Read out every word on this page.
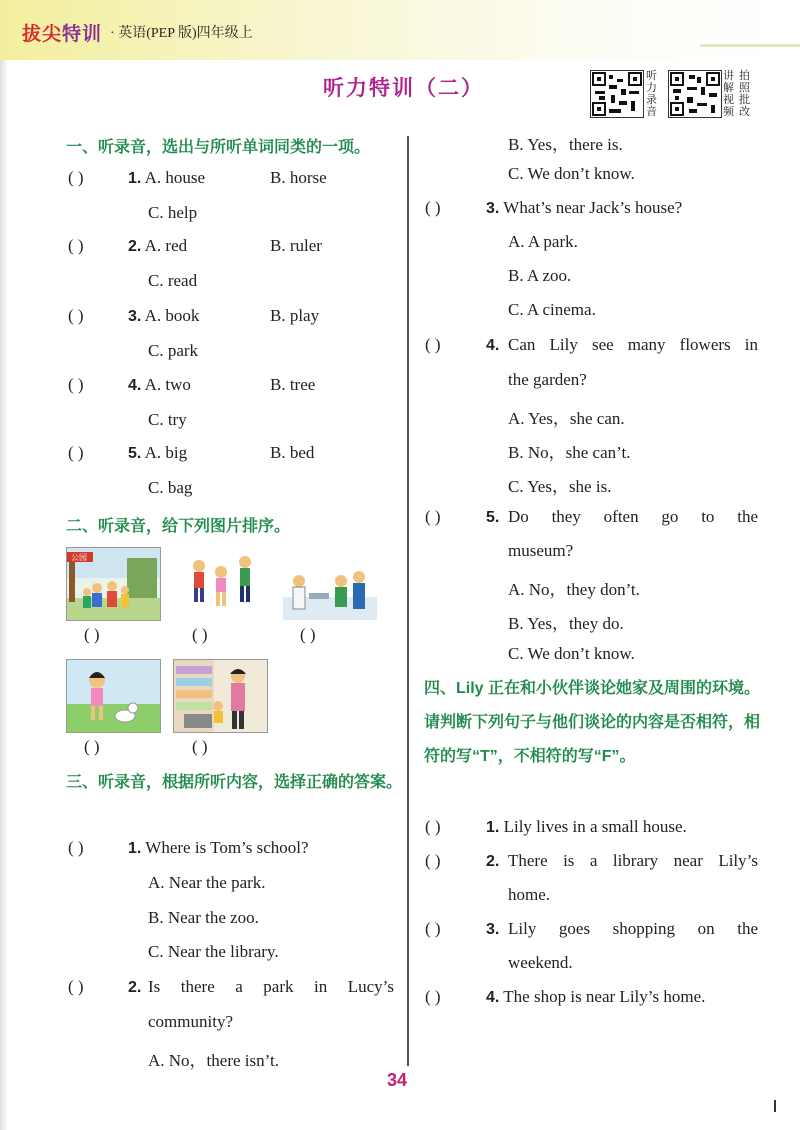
拔尖特训 · 英语(PEP 版)四年级上
听力特训（二）
听
力
录
音
讲
解
视
频
拍
照
批
改
一、听录音，选出与所听单词同类的一项。
( )	1. A. house	B. horse
C. help
( )	2. A. red	B. ruler
C. read
( )	3. A. book	B. play
C. park
( )	4. A. two	B. tree
C. try
( )	5. A. big	B. bed
C. bag
二、听录音，给下列图片排序。
公园
( )	( )	( )
( )	( )
三、听录音，根据所听内容，选择正确的答案。
( )	1. Where is Tom’s school?
A. Near the park.
B. Near the zoo.
C. Near the library.
( )	2. Is there a park in Lucy’s
community?
A. No，there isn’t.
B. Yes，there is.
C. We don’t know.
( )	3. What’s near Jack’s house?
A. A park.
B. A zoo.
C. A cinema.
( )	4. Can Lily see many flowers in
the garden?
A. Yes，she can.
B. No，she can’t.
C. Yes，she is.
( )	5. Do they often go to the
museum?
A. No，they don’t.
B. Yes，they do.
C. We don’t know.
四、Lily 正在和小伙伴谈论她家及周围的环境。请判断下列句子与他们谈论的内容是否相符，相符的写“T”，不相符的写“F”。
( )	1. Lily lives in a small house.
( )	2. There is a library near Lily’s
home.
( )	3. Lily goes shopping on the
weekend.
( )	4. The shop is near Lily’s home.
34
